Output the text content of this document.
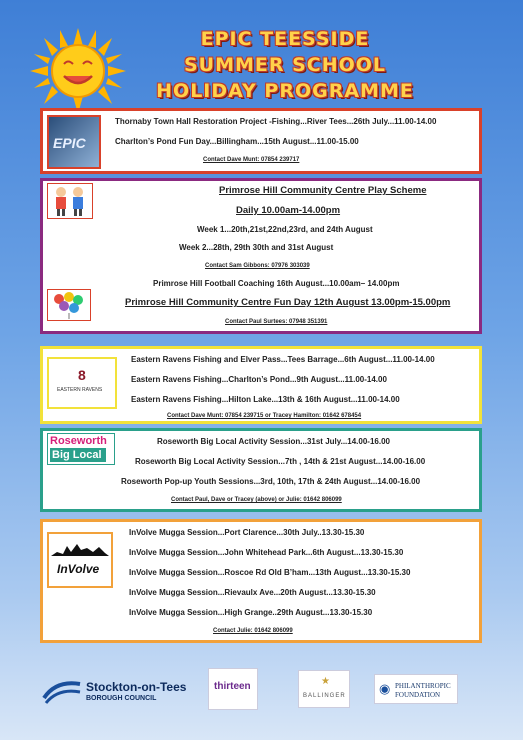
EPIC TEESSIDE
SUMMER SCHOOL
HOLIDAY PROGRAMME
EPIC
Thornaby Town Hall Restoration Project -Fishing...River Tees...26th July...11.00-14.00
Charlton’s Pond Fun Day...Billingham...15th August...11.00-15.00
Contact Dave Munt: 07854 239717
Primrose Hill Community Centre Play Scheme
Daily 10.00am-14.00pm
Week 1...20th,21st,22nd,23rd, and 24th August
Week 2...28th, 29th 30th and 31st August
Contact Sam Gibbons: 07976 303039
Primrose Hill Football Coaching 16th August...10.00am– 14.00pm
Primrose Hill Community Centre Fun Day 12th August 13.00pm-15.00pm
Contact Paul Surtees: 07948 351391
8
EASTERN RAVENS
Eastern Ravens Fishing and Elver Pass...Tees Barrage...6th August...11.00-14.00
Eastern Ravens Fishing...Charlton’s Pond...9th August...11.00-14.00
Eastern Ravens Fishing...Hilton Lake...13th & 16th August...11.00-14.00
Contact Dave Munt: 07854 239715 or Tracey Hamilton: 01642 678454
Roseworth
Big Local
Roseworth Big Local Activity Session...31st July...14.00-16.00
Roseworth Big Local Activity Session...7th , 14th & 21st August...14.00-16.00
Roseworth Pop-up Youth Sessions...3rd, 10th, 17th & 24th August...14.00-16.00
Contact Paul, Dave or Tracey (above) or Julie: 01642 806099
InVolve
InVolve Mugga Session...Port Clarence...30th July..13.30-15.30
InVolve Mugga Session...John Whitehead Park...6th August...13.30-15.30
InVolve Mugga Session...Roscoe Rd Old B’ham...13th August...13.30-15.30
InVolve Mugga Session...Rievaulx Ave...20th August...13.30-15.30
InVolve Mugga Session...High Grange..29th August...13.30-15.30
Contact Julie: 01642 806099
Stockton-on-Tees
BOROUGH COUNCIL
thirteen	★
BALLINGER	◉ PHILANTHROPIC
FOUNDATION
